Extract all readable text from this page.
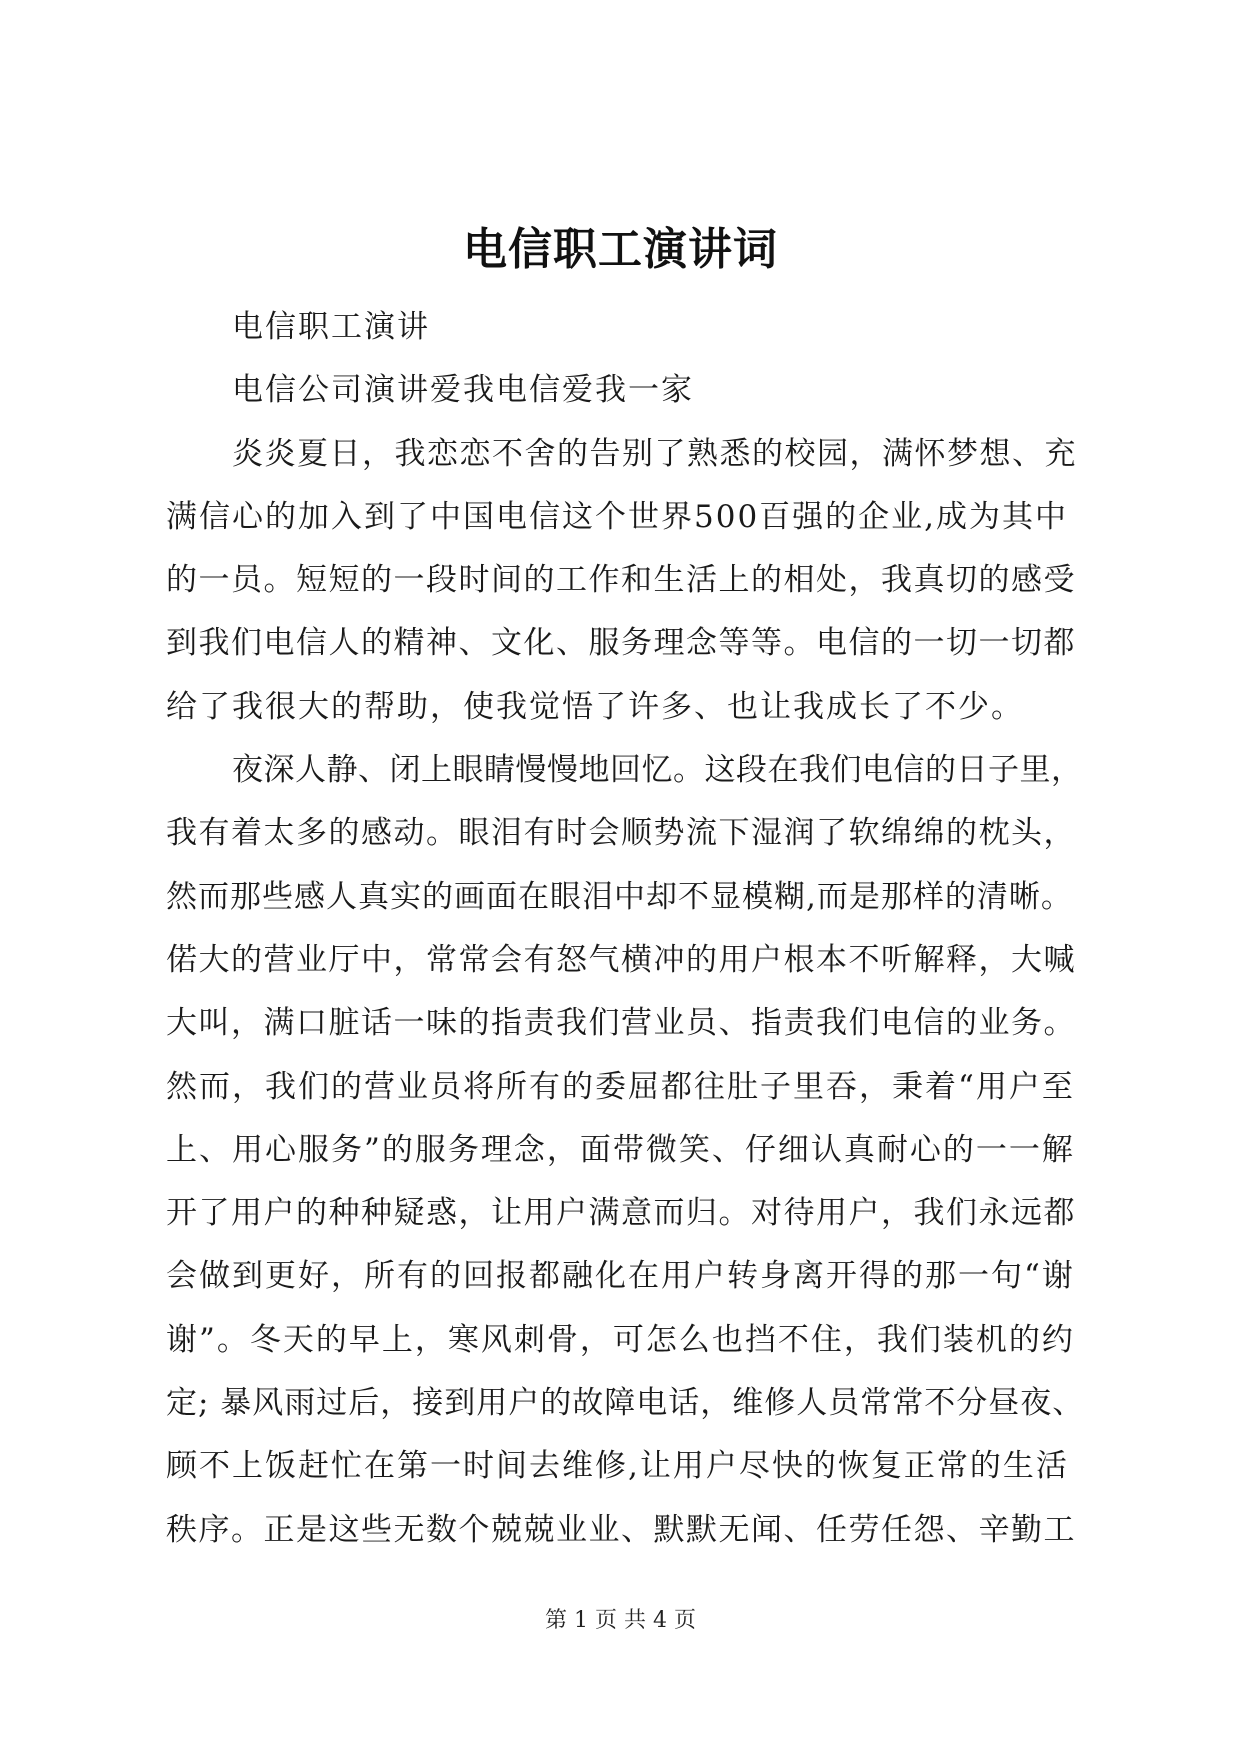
电信职工演讲词
电信职工演讲
电信公司演讲爱我电信爱我一家
炎炎夏日，我恋恋不舍的告别了熟悉的校园，满怀梦想、充
满信心的加入到了中国电信这个世界500百强的企业,成为其中
的一员。短短的一段时间的工作和生活上的相处，我真切的感受
到我们电信人的精神、文化、服务理念等等。电信的一切一切都
给了我很大的帮助，使我觉悟了许多、也让我成长了不少。
夜深人静、闭上眼睛慢慢地回忆。这段在我们电信的日子里，
我有着太多的感动。眼泪有时会顺势流下湿润了软绵绵的枕头，
然而那些感人真实的画面在眼泪中却不显模糊,而是那样的清晰。
偌大的营业厅中，常常会有怒气横冲的用户根本不听解释，大喊
大叫，满口脏话一味的指责我们营业员、指责我们电信的业务。
然而，我们的营业员将所有的委屈都往肚子里吞，秉着“用户至
上、用心服务”的服务理念，面带微笑、仔细认真耐心的一一解
开了用户的种种疑惑，让用户满意而归。对待用户，我们永远都
会做到更好，所有的回报都融化在用户转身离开得的那一句“谢
谢”。冬天的早上，寒风刺骨，可怎么也挡不住，我们装机的约
定; 暴风雨过后，接到用户的故障电话，维修人员常常不分昼夜、
顾不上饭赶忙在第一时间去维修,让用户尽快的恢复正常的生活
秩序。正是这些无数个兢兢业业、默默无闻、任劳任怨、辛勤工
第 1 页 共 4 页
